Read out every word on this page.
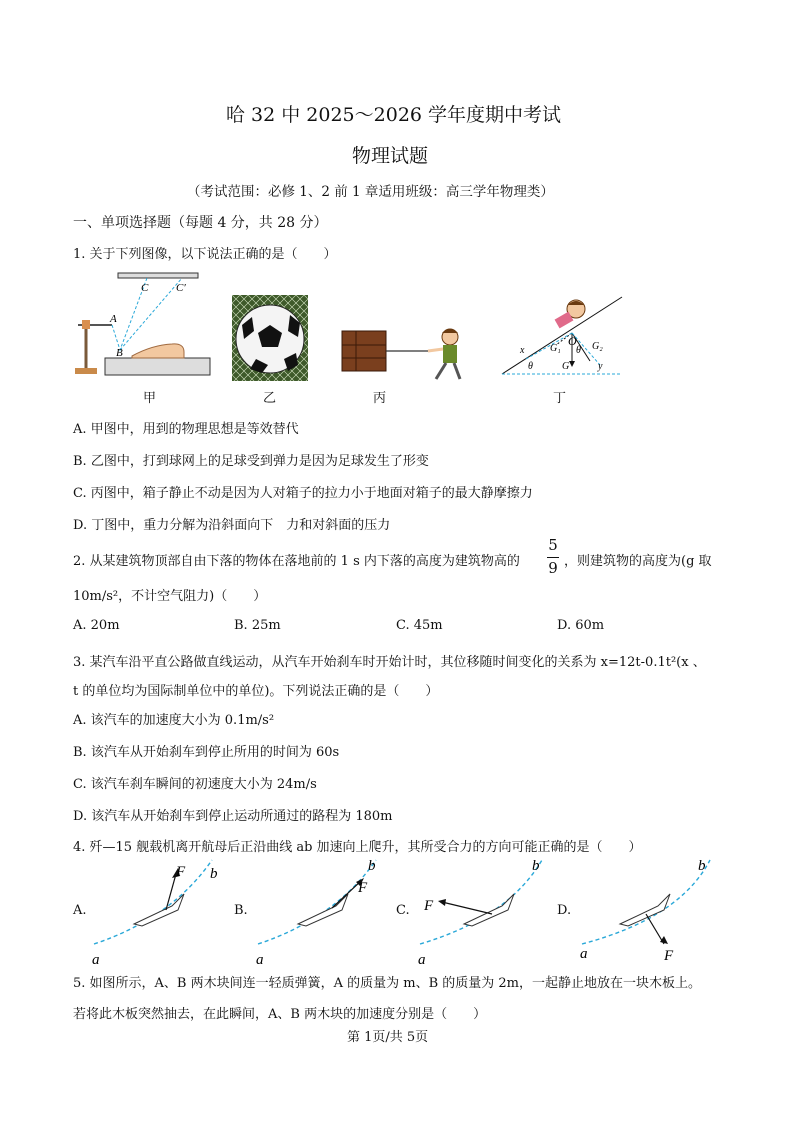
哈 32 中 2025～2026 学年度期中考试
物理试题
（考试范围：必修 1、2 前 1 章适用班级：高三学年物理类）
一、单项选择题（每题 4 分，共 28 分）
1. 关于下列图像，以下说法正确的是（　　）
C	C′
A
B
甲	乙	丙
x	G₁
O G₂
θ
θ
G	y
丁
A. 甲图中，用到的物理思想是等效替代
B. 乙图中，打到球网上的足球受到弹力是因为足球发生了形变
C. 丙图中，箱子静止不动是因为人对箱子的拉力小于地面对箱子的最大静摩擦力
D. 丁图中，重力分解为沿斜面向下　力和对斜面的压力
2. 从某建筑物顶部自由下落的物体在落地前的 1 s 内下落的高度为建筑物高的
5
9 ，则建筑物的高度为(g 取
10m/s²，不计空气阻力)（　　）
A. 20m	B. 25m	C. 45m	D. 60m
3. 某汽车沿平直公路做直线运动，从汽车开始刹车时开始计时，其位移随时间变化的关系为 x=12t-0.1t²(x 、
t 的单位均为国际制单位中的单位)。下列说法正确的是（　　）
A. 该汽车的加速度大小为 0.1m/s²
B. 该汽车从开始刹车到停止所用的时间为 60s
C. 该汽车刹车瞬间的初速度大小为 24m/s
D. 该汽车从开始刹车到停止运动所通过的路程为 180m
4. 歼—15 舰载机离开航母后正沿曲线 ab 加速向上爬升，其所受合力的方向可能正确的是（　　）
A.
F b
a
B.
F
b
a
C. F
b
a
D.
F
b
a
5. 如图所示，A、B 两木块间连一轻质弹簧，A 的质量为 m、B 的质量为 2m，一起静止地放在一块木板上。
若将此木板突然抽去，在此瞬间，A、B 两木块的加速度分别是（　　）
第 1页/共 5页
